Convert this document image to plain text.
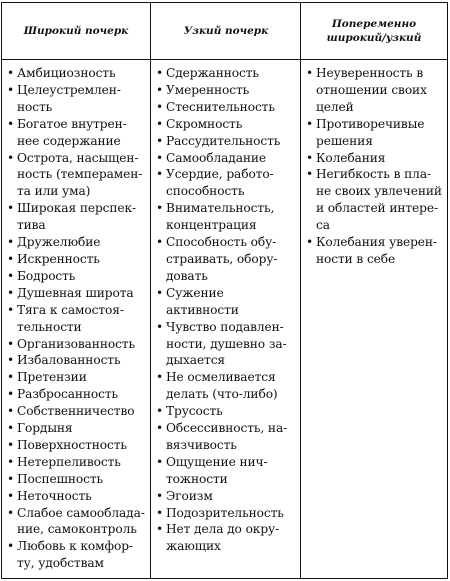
Широкий почерк	Узкий почерк
Попеременно широкий/узкий
• Амбициозность
• Целеустремлен-
ность
• Богатое внутрен-
нее содержание
• Острота, насыщен-
ность (темперамен-
та или ума)
• Широкая перспек-
тива
• Дружелюбие
• Искренность
• Бодрость
• Душевная широта
• Тяга к самостоя-
тельности
• Организованность
• Избалованность
• Претензии
• Разбросанность
• Собственничество
• Гордыня
• Поверхностность
• Нетерпеливость
• Поспешность
• Неточность
• Слабое самооблада-
ние, самоконтроль
• Любовь к комфор-
ту, удобствам
• Сдержанность
• Умеренность
• Стеснительность
• Скромность
• Рассудительность
• Самообладание
• Усердие, работо-
способность
• Внимательность,
концентрация
• Способность обу-
страивать, обору-
довать
• Сужение активности
• Чувство подавлен-
ности, душевно за-
дыхается
• Не осмеливается
делать (что-либо)
• Трусость
• Обсессивность, на-
вязчивость
• Ощущение нич-
тожности
• Эгоизм
• Подозрительность
• Нет дела до окру-
жающих
• Неуверенность в
отношении своих
целей
• Противоречивые
решения
• Колебания
• Негибкость в пла-
не своих увлечений
и областей интере-
са
• Колебания уверен-
ности в себе
